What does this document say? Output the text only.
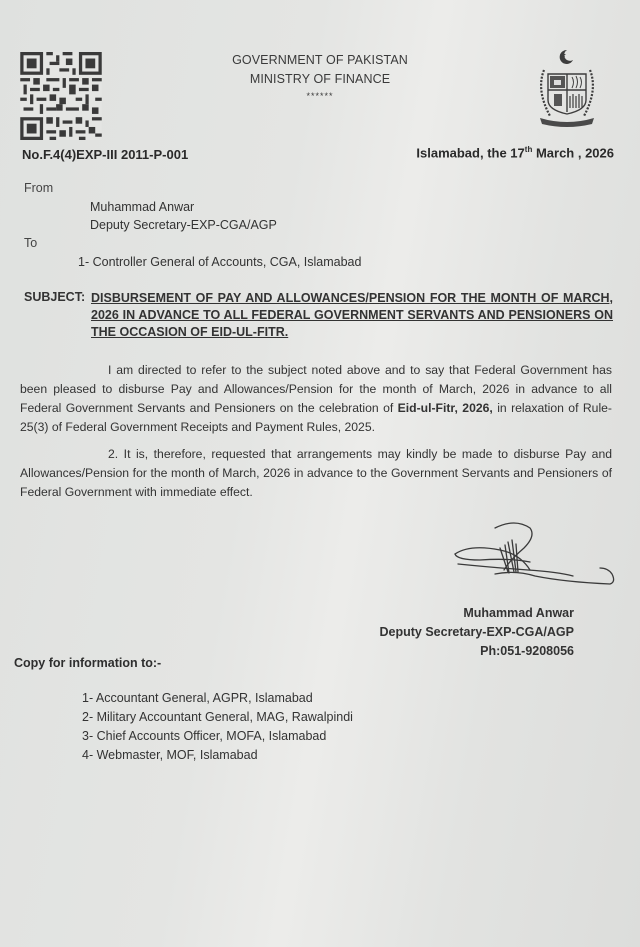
GOVERNMENT OF PAKISTAN
MINISTRY OF FINANCE
******
No.F.4(4)EXP-III 2011-P-001	Islamabad, the 17th March , 2026
From
Muhammad Anwar
Deputy Secretary-EXP-CGA/AGP
To
1- Controller General of Accounts, CGA, Islamabad
SUBJECT: DISBURSEMENT OF PAY AND ALLOWANCES/PENSION FOR THE MONTH OF MARCH, 2026 IN ADVANCE TO ALL FEDERAL GOVERNMENT SERVANTS AND PENSIONERS ON THE OCCASION OF EID-UL-FITR.
I am directed to refer to the subject noted above and to say that Federal Government has been pleased to disburse Pay and Allowances/Pension for the month of March, 2026 in advance to all Federal Government Servants and Pensioners on the celebration of Eid-ul-Fitr, 2026, in relaxation of Rule-25(3) of Federal Government Receipts and Payment Rules, 2025.
2. It is, therefore, requested that arrangements may kindly be made to disburse Pay and Allowances/Pension for the month of March, 2026 in advance to the Government Servants and Pensioners of Federal Government with immediate effect.
Muhammad Anwar
Deputy Secretary-EXP-CGA/AGP
Ph:051-9208056
Copy for information to:-
1- Accountant General, AGPR, Islamabad
2- Military Accountant General, MAG, Rawalpindi
3- Chief Accounts Officer, MOFA, Islamabad
4- Webmaster, MOF, Islamabad
